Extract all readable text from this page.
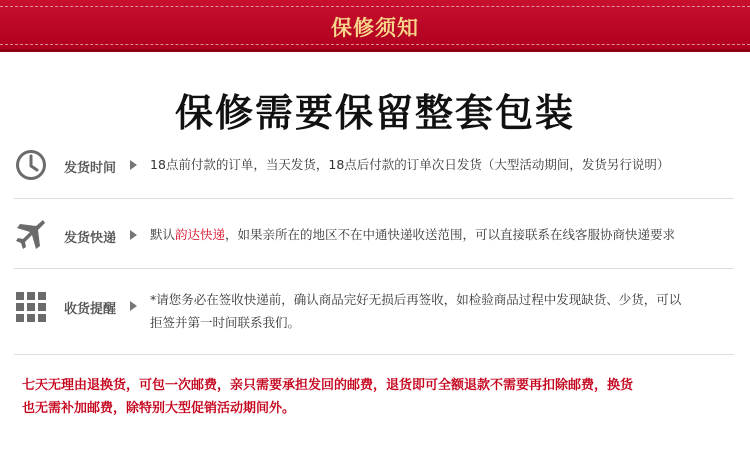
保修须知
保修需要保留整套包装
发货时间	18点前付款的订单，当天发货，18点后付款的订单次日发货（大型活动期间，发货另行说明）
发货快递	默认韵达快递，如果亲所在的地区不在中通快递收送范围，可以直接联系在线客服协商快递要求
收货提醒
*请您务必在签收快递前，确认商品完好无损后再签收，如检验商品过程中发现缺货、少货，可以
拒签并第一时间联系我们。
七天无理由退换货，可包一次邮费，亲只需要承担发回的邮费，退货即可全额退款不需要再扣除邮费，换货
也无需补加邮费，除特别大型促销活动期间外。
